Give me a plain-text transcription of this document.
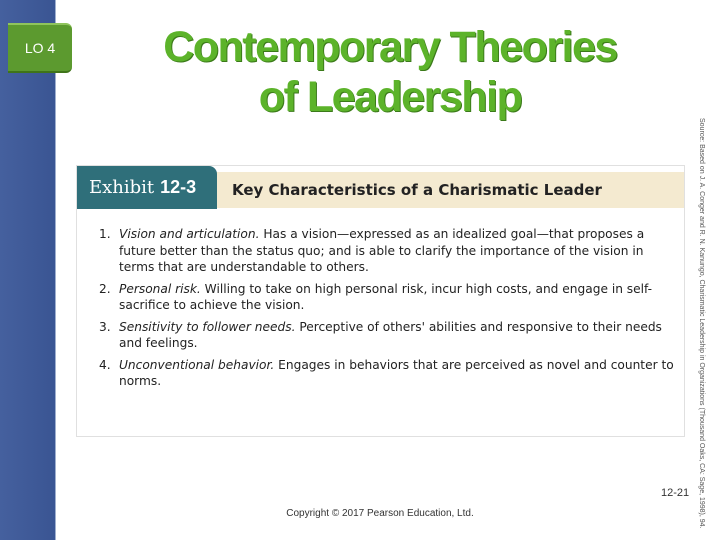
LO 4	Contemporary Theories
of Leadership
Source: Based on J. A. Conger and R. N. Kanungo, Charismatic Leadership in Organizations (Thousand Oaks, CA: Sage, 1998), 94.
Exhibit 12-3 Key Characteristics of a Charismatic Leader
1. Vision and articulation. Has a vision—expressed as an idealized goal—that proposes a future better than the status quo; and is able to clarify the importance of the vision in terms that are understandable to others.
2. Personal risk. Willing to take on high personal risk, incur high costs, and engage in self-sacrifice to achieve the vision.
3. Sensitivity to follower needs. Perceptive of others' abilities and responsive to their needs and feelings.
4. Unconventional behavior. Engages in behaviors that are perceived as novel and counter to norms.
12-21
Copyright © 2017 Pearson Education, Ltd.
